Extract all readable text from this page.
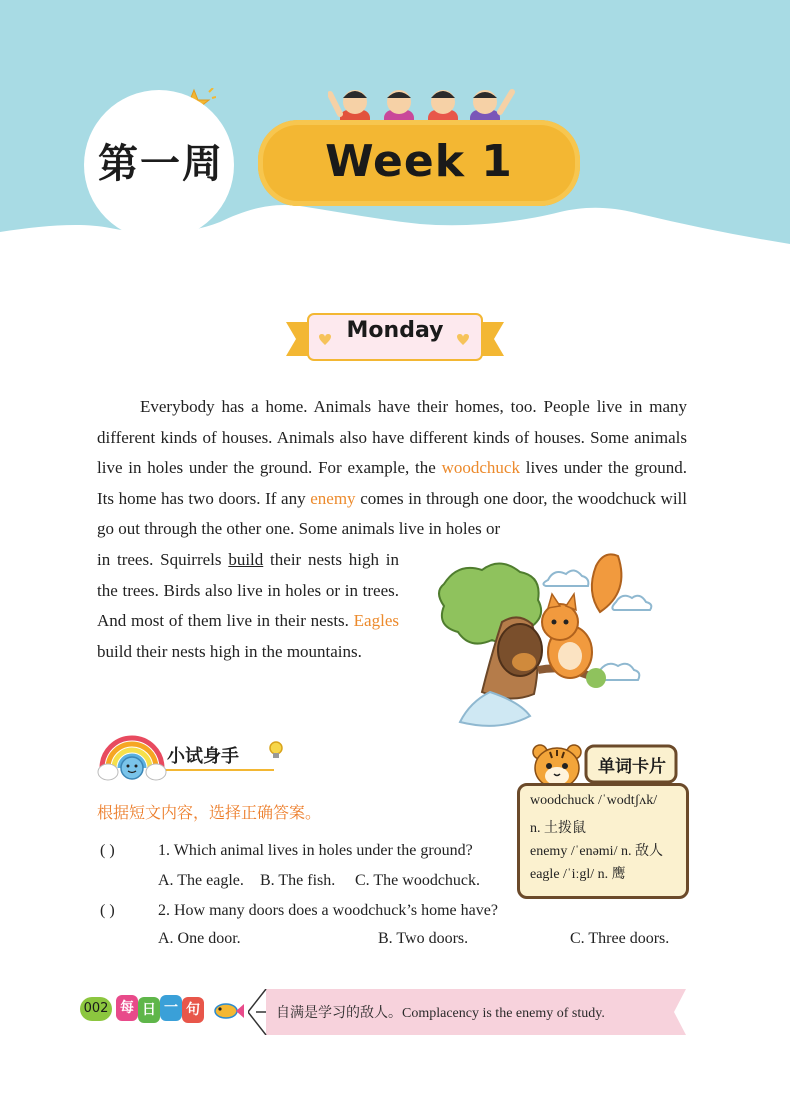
第一周	Week 1
Monday
Everybody has a home. Animals have their homes, too. People live in many different kinds of houses. Animals also have different kinds of houses. Some animals live in holes under the ground. For example, the woodchuck lives under the ground. Its home has two doors. If any enemy comes in through one door, the woodchuck will go out through the other one. Some animals live in holes or
in trees. Squirrels build their nests high in the trees. Birds also live in holes or in trees. And most of them live in their nests. Eagles build their nests high in the mountains.
小试身手
根据短文内容，选择正确答案。
( )	1. Which animal lives in holes under the ground?
A. The eagle. B. The fish. C. The woodchuck.
( )	2. How many doors does a woodchuck’s home have?
A. One door.	B. Two doors.	C. Three doors.
单词卡片
woodchuck /ˈwodtʃʌk/
n. 土拨鼠
enemy /ˈenəmi/ n. 敌人
eagle /ˈiːgl/ n. 鹰
自满是学习的敌人。Complacency is the enemy of study.
002 每 日 一 句
